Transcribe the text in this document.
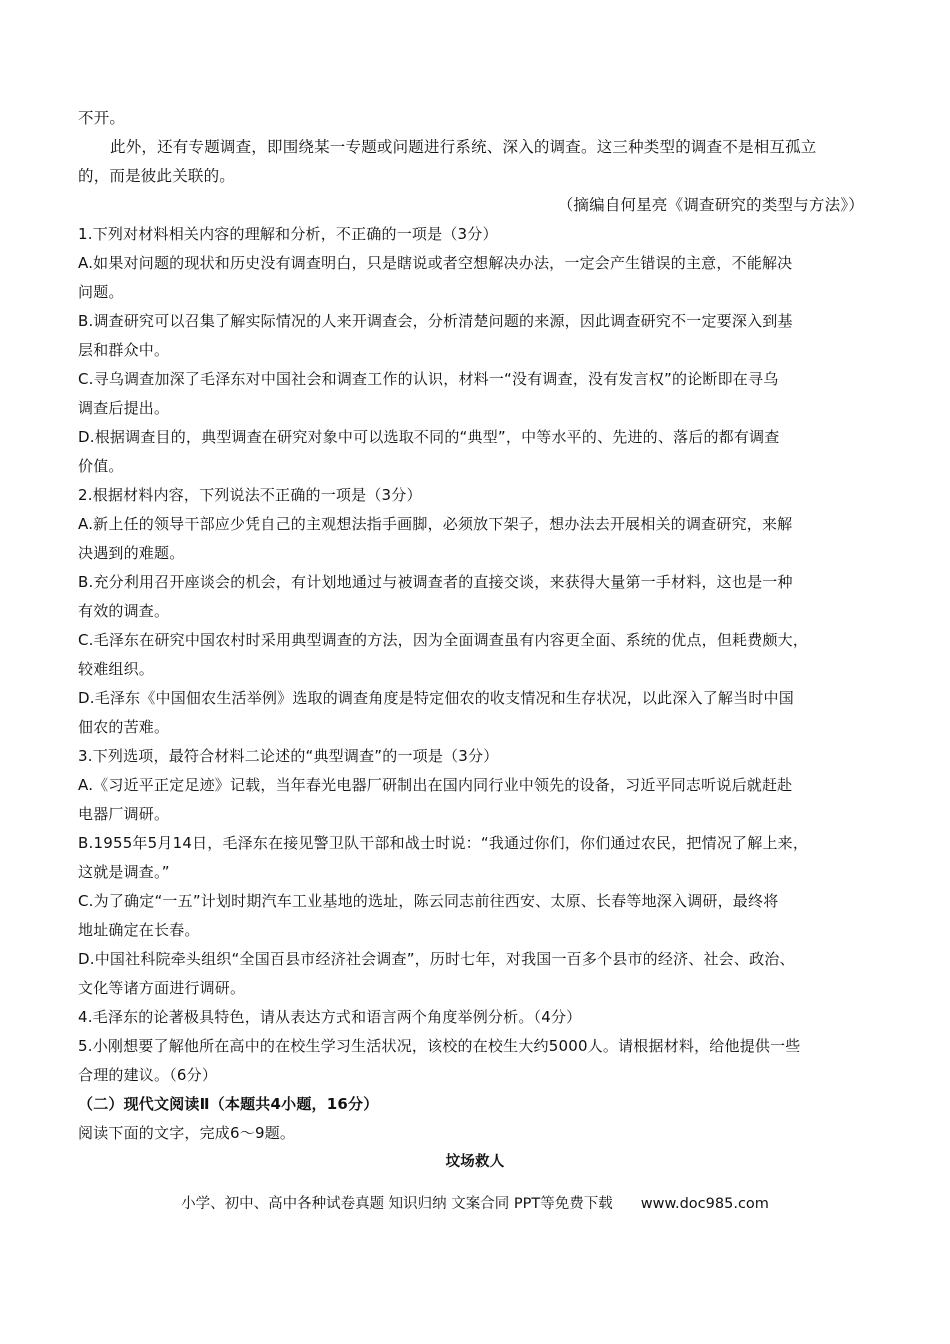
不开。
此外，还有专题调查，即围绕某一专题或问题进行系统、深入的调查。这三种类型的调查不是相互孤立
的，而是彼此关联的。
（摘编自何星亮《调查研究的类型与方法》）
1.下列对材料相关内容的理解和分析，不正确的一项是（3分）
A.如果对问题的现状和历史没有调查明白，只是瞎说或者空想解决办法，一定会产生错误的主意，不能解决
问题。
B.调查研究可以召集了解实际情况的人来开调查会，分析清楚问题的来源，因此调查研究不一定要深入到基
层和群众中。
C.寻乌调查加深了毛泽东对中国社会和调查工作的认识，材料一“没有调查，没有发言权”的论断即在寻乌
调查后提出。
D.根据调查目的，典型调查在研究对象中可以选取不同的“典型”，中等水平的、先进的、落后的都有调查
价值。
2.根据材料内容，下列说法不正确的一项是（3分）
A.新上任的领导干部应少凭自己的主观想法指手画脚，必须放下架子，想办法去开展相关的调查研究，来解
决遇到的难题。
B.充分利用召开座谈会的机会，有计划地通过与被调查者的直接交谈，来获得大量第一手材料，这也是一种
有效的调查。
C.毛泽东在研究中国农村时采用典型调查的方法，因为全面调查虽有内容更全面、系统的优点，但耗费颇大，
较难组织。
D.毛泽东《中国佃农生活举例》选取的调查角度是特定佃农的收支情况和生存状况，以此深入了解当时中国
佃农的苦难。
3.下列选项，最符合材料二论述的“典型调查”的一项是（3分）
A.《习近平正定足迹》记载，当年春光电器厂研制出在国内同行业中领先的设备，习近平同志听说后就赶赴
电器厂调研。
B.1955年5月14日，毛泽东在接见警卫队干部和战士时说：“我通过你们，你们通过农民，把情况了解上来，
这就是调查。”
C.为了确定“一五”计划时期汽车工业基地的选址，陈云同志前往西安、太原、长春等地深入调研，最终将
地址确定在长春。
D.中国社科院牵头组织“全国百县市经济社会调查”，历时七年，对我国一百多个县市的经济、社会、政治、
文化等诸方面进行调研。
4.毛泽东的论著极具特色，请从表达方式和语言两个角度举例分析。（4分）
5.小刚想要了解他所在高中的在校生学习生活状况，该校的在校生大约5000人。请根据材料，给他提供一些
合理的建议。（6分）
（二）现代文阅读Ⅱ（本题共4小题，16分）
阅读下面的文字，完成6～9题。
坟场救人
小学、初中、高中各种试卷真题 知识归纳 文案合同 PPT等免费下载 www.doc985.com
